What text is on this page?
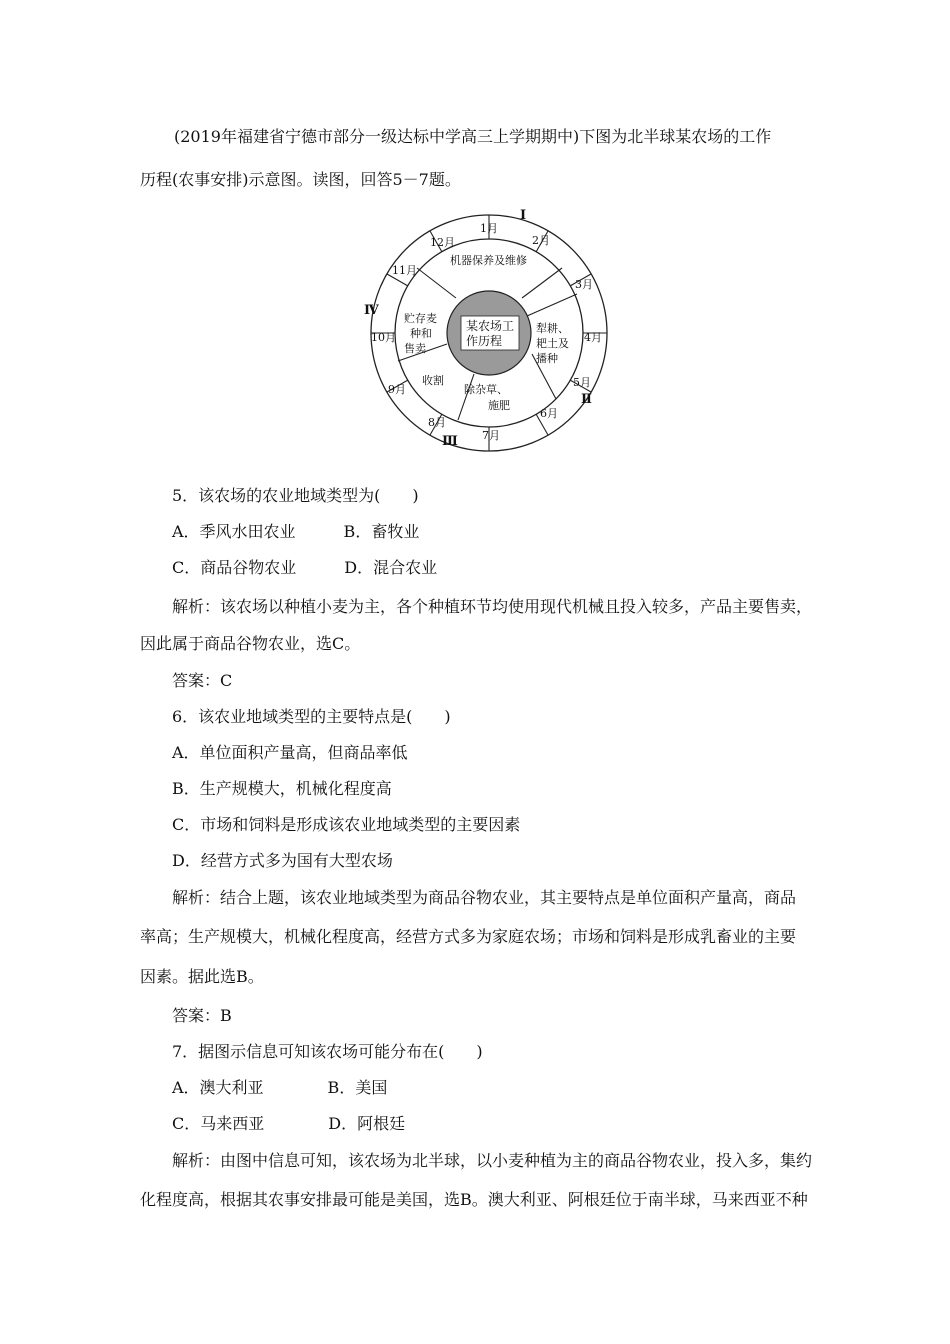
(2019年福建省宁德市部分一级达标中学高三上学期期中)下图为北半球某农场的工作
历程(农事安排)示意图。读图，回答5－7题。
某农场工
作历程
1月
2月
3月
4月
5月
6月
7月
8月
9月
10月
11月
12月
Ⅰ
Ⅱ
Ⅲ
Ⅳ
机器保养及维修
犁耕、
耙土及
播种
除杂草、
施肥
收割
贮存麦
种和
售卖
5．该农场的农业地域类型为(　　)
A．季风水田农业　　　B．畜牧业
C．商品谷物农业　　　D．混合农业
解析：该农场以种植小麦为主，各个种植环节均使用现代机械且投入较多，产品主要售卖，
因此属于商品谷物农业，选C。
答案：C
6．该农业地域类型的主要特点是(　　)
A．单位面积产量高，但商品率低
B．生产规模大，机械化程度高
C．市场和饲料是形成该农业地域类型的主要因素
D．经营方式多为国有大型农场
解析：结合上题，该农业地域类型为商品谷物农业，其主要特点是单位面积产量高，商品
率高；生产规模大，机械化程度高，经营方式多为家庭农场；市场和饲料是形成乳畜业的主要
因素。据此选B。
答案：B
7．据图示信息可知该农场可能分布在(　　)
A．澳大利亚　　　　B．美国
C．马来西亚　　　　D．阿根廷
解析：由图中信息可知，该农场为北半球，以小麦种植为主的商品谷物农业，投入多，集约
化程度高，根据其农事安排最可能是美国，选B。澳大利亚、阿根廷位于南半球，马来西亚不种
